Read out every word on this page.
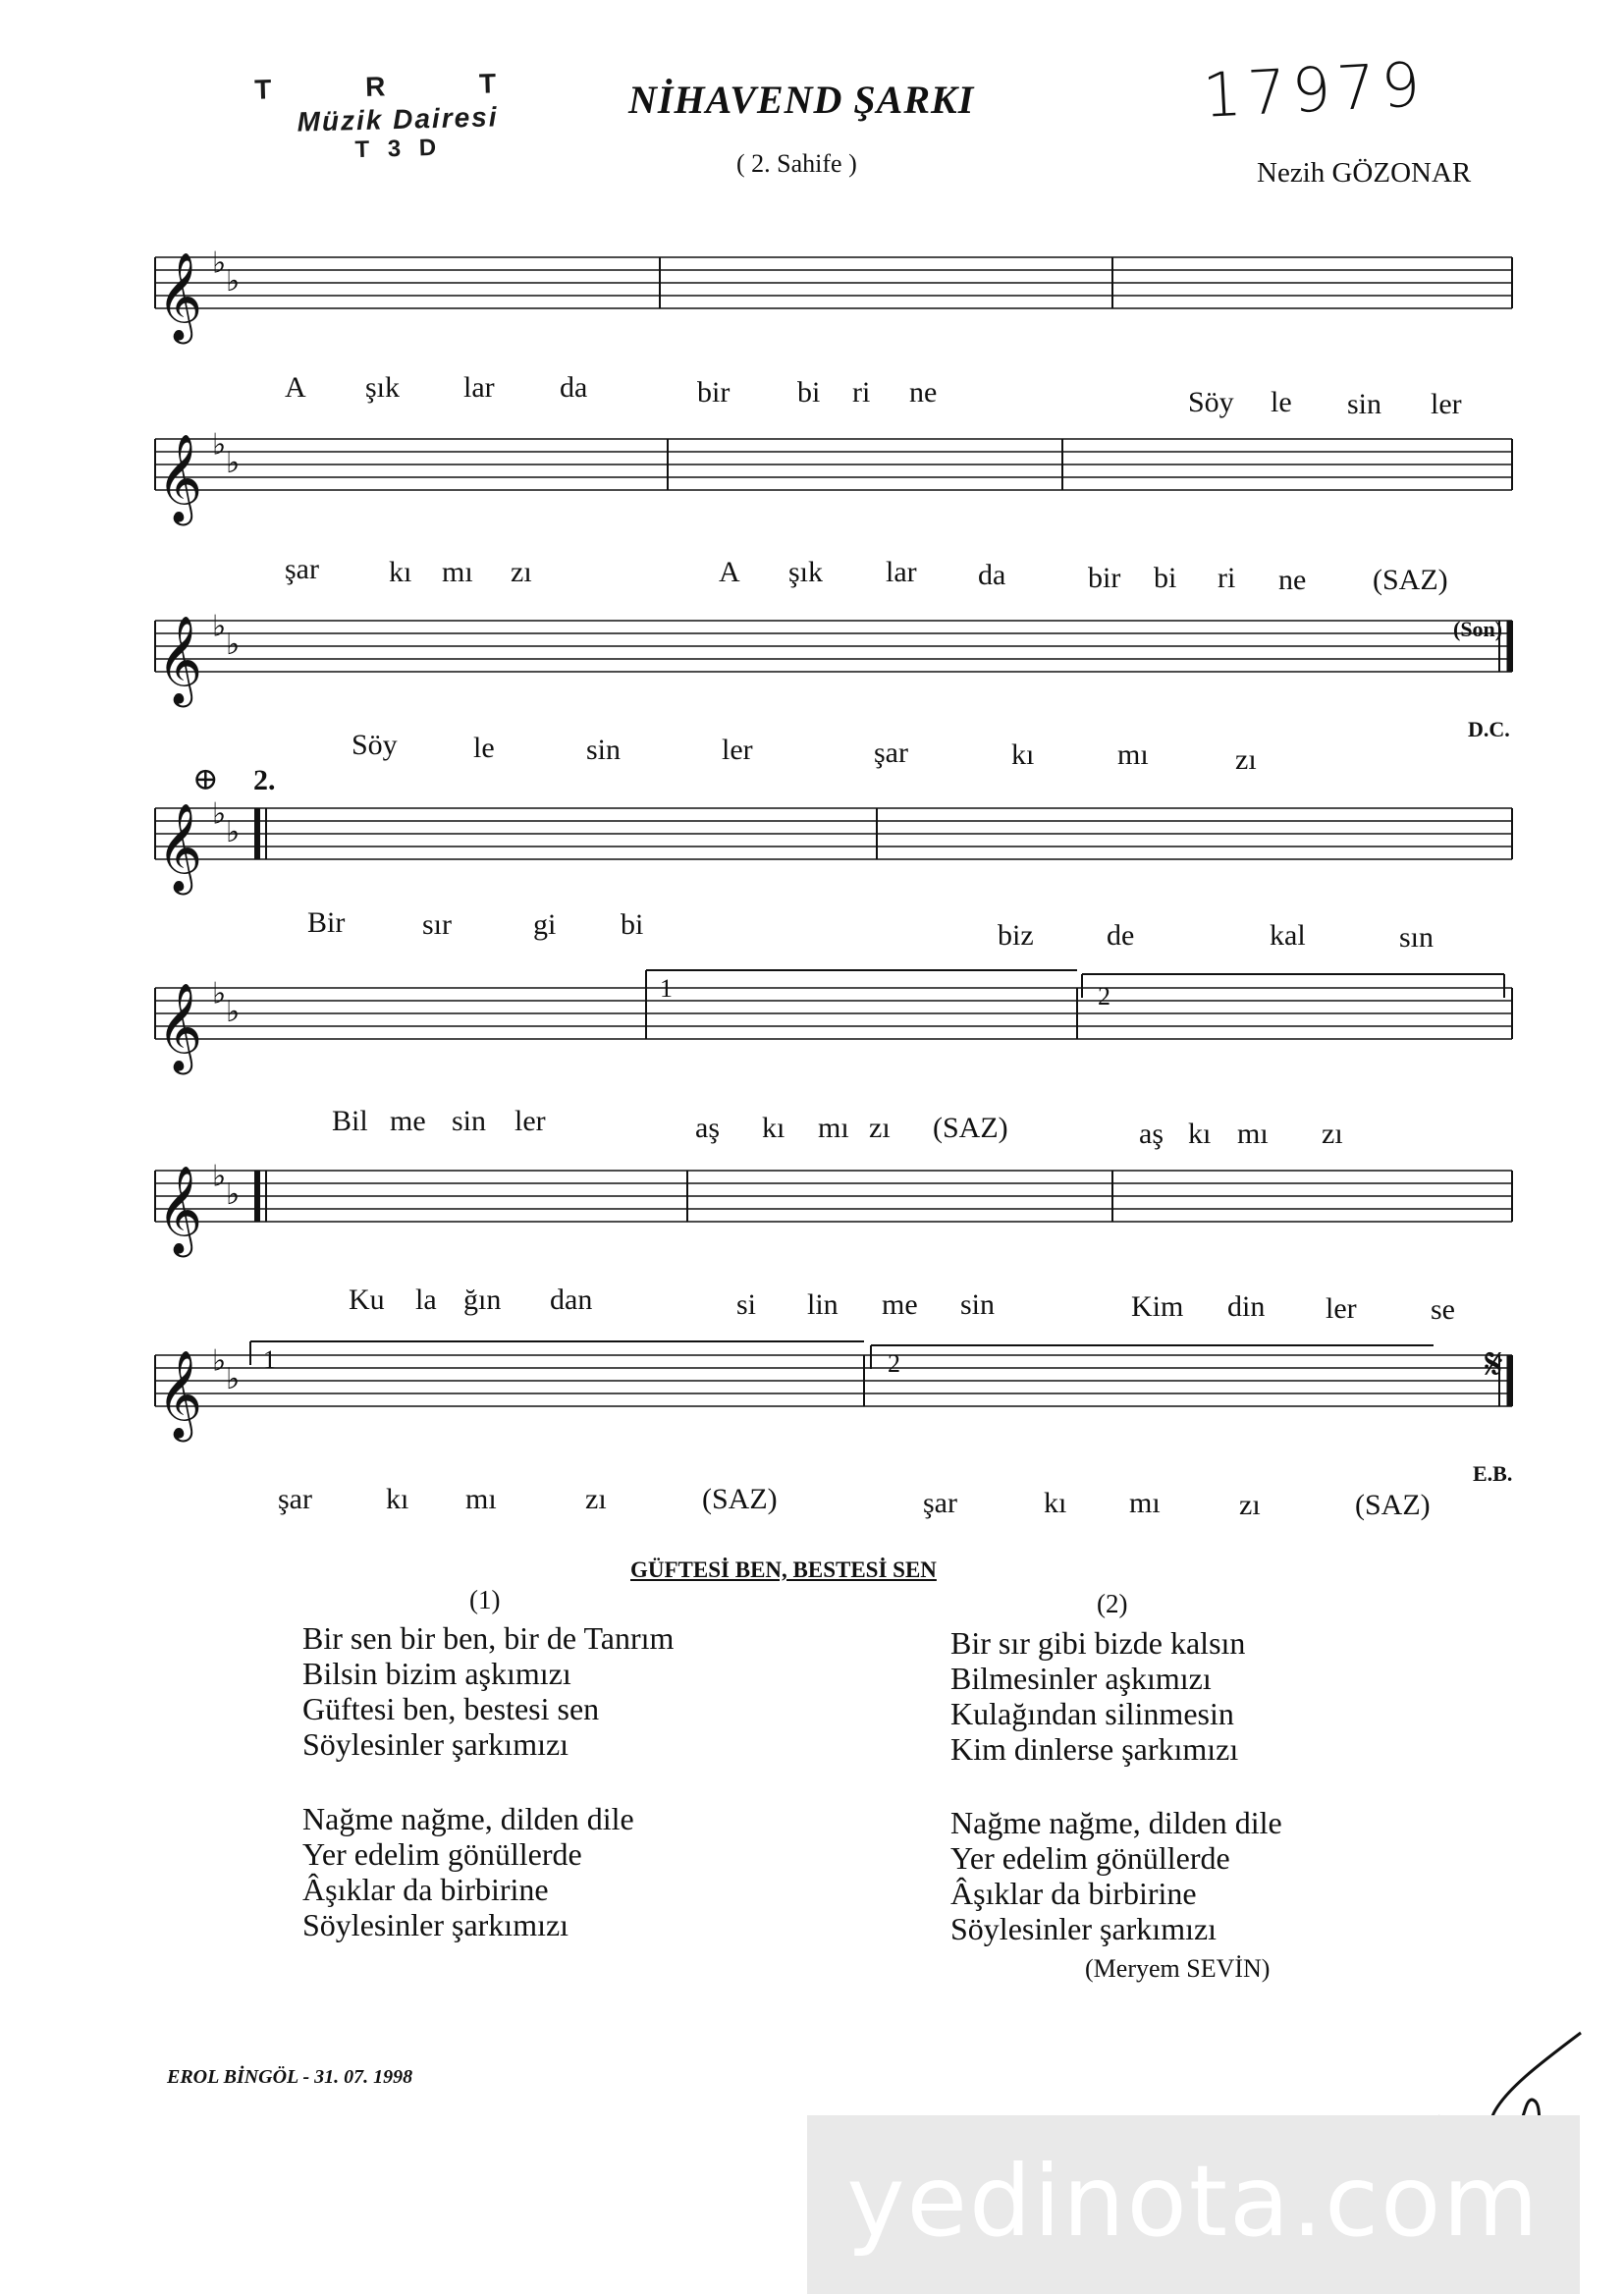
T R T
Müzik Dairesi
T 3 D
NİHAVEND ŞARKI
( 2. Sahife )	Nezih GÖZONAR
17979
𝄞 ♭
♭
𝄞 ♭
♭
𝄞 ♭
♭
𝄞 ♭
♭
𝄞 ♭
♭
𝄞 ♭
♭
𝄞 ♭
♭
(Son)
D.C.
2.
⊕
1	2
1	2
E.B.
𝄋
A şık lar da	bir bi ri ne	Söy le sin ler
şar kı mı zı	A şık lar da	bir bi ri ne (SAZ)
Söy	le	sin	ler	şar	kı	mı	zı
Bir	sır	gi bi	biz de	kal	sın
Bil me sin ler	aş kı mı zı (SAZ)	aş kı mı zı
Ku la ğın dan	si lin me sin	Kim din ler	se
şar	kı mı	zı	(SAZ)	şar	kı mı	zı	(SAZ)
GÜFTESİ BEN, BESTESİ SEN
(1)	(2)
Bir sen bir ben, bir de Tanrım
Bilsin bizim aşkımızı
Güftesi ben, bestesi sen
Söylesinler şarkımızı
Nağme nağme, dilden dile
Yer edelim gönüllerde
Âşıklar da birbirine
Söylesinler şarkımızı
Bir sır gibi bizde kalsın
Bilmesinler aşkımızı
Kulağından silinmesin
Kim dinlerse şarkımızı
Nağme nağme, dilden dile
Yer edelim gönüllerde
Âşıklar da birbirine
Söylesinler şarkımızı
(Meryem SEVİN)
EROL BİNGÖL - 31. 07. 1998
yedinota.com
